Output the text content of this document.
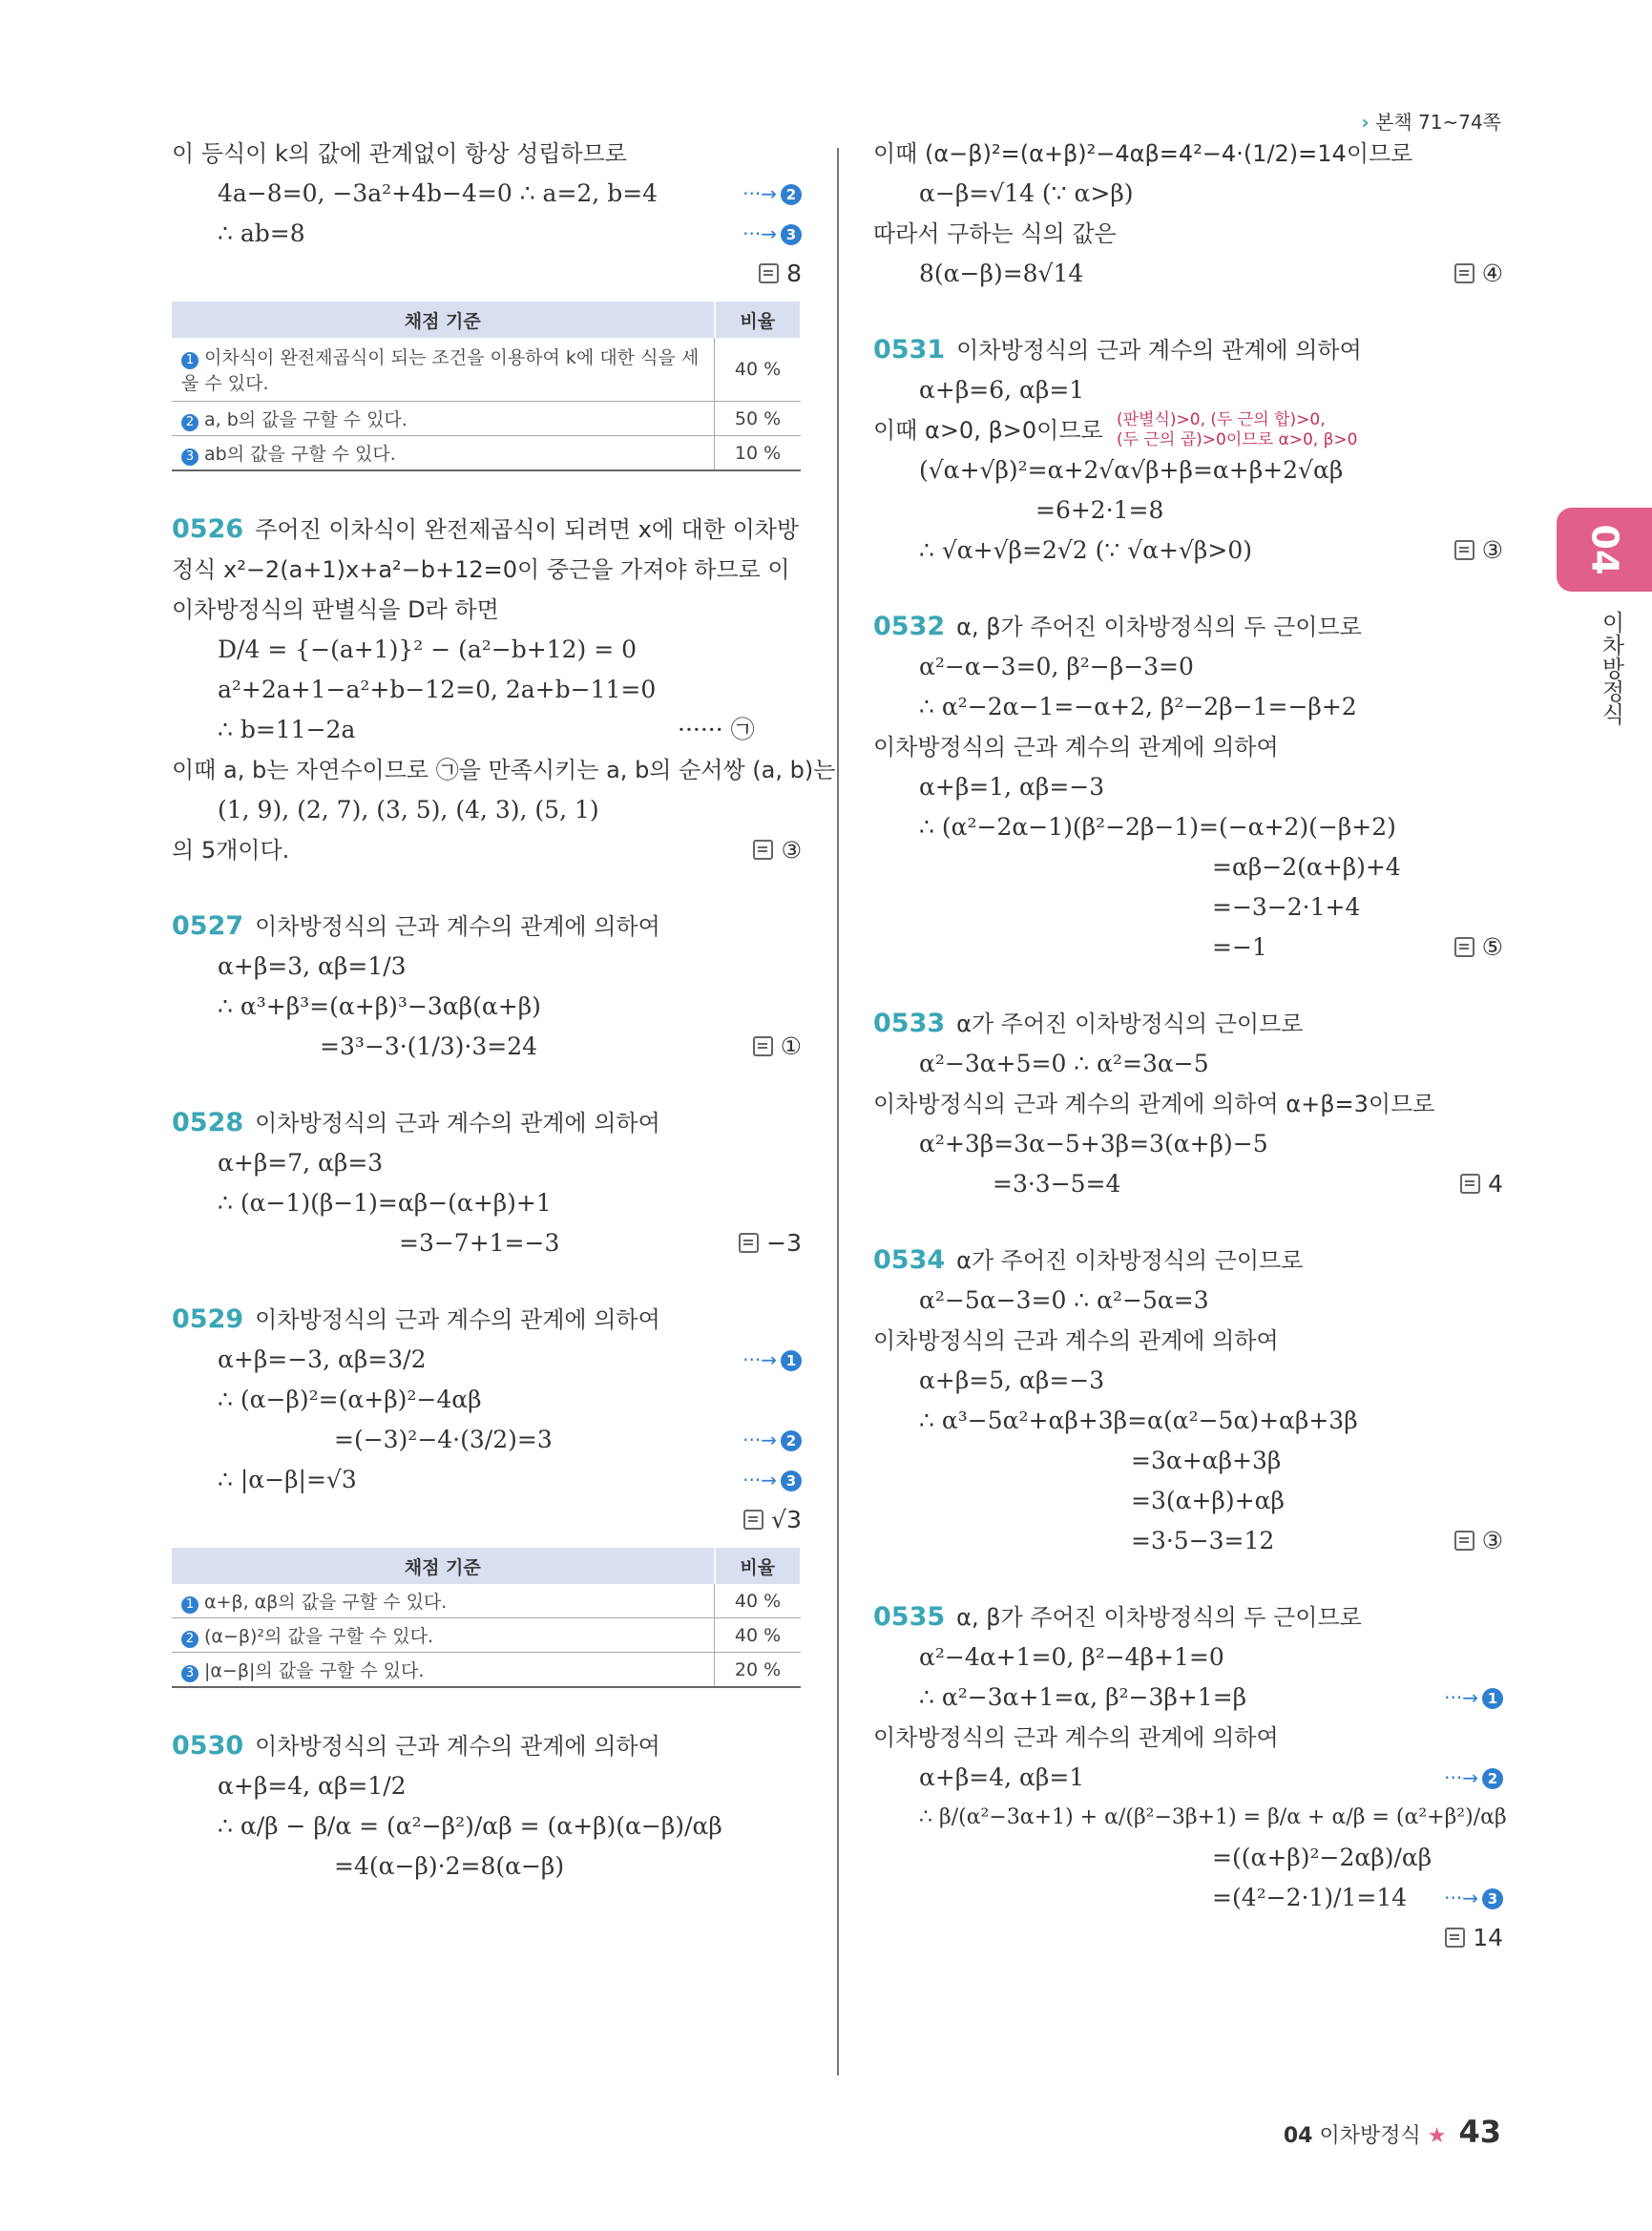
› 본책 71~74쪽
04
이차방정식
이 등식이 k의 값에 관계없이 항상 성립하므로
4a−8=0, −3a²+4b−4=0 ∴ a=2, b=4	···→ 2
∴ ab=8	···→ 3
8
채점 기준	비율
1 이차식이 완전제곱식이 되는 조건을 이용하여 k에 대한 식을 세울 수 있다.	40 %
2 a, b의 값을 구할 수 있다.	50 %
3 ab의 값을 구할 수 있다.	10 %
0526 주어진 이차식이 완전제곱식이 되려면 x에 대한 이차방
정식 x²−2(a+1)x+a²−b+12=0이 중근을 가져야 하므로 이
이차방정식의 판별식을 D라 하면
D/4 = {−(a+1)}² − (a²−b+12) = 0
a²+2a+1−a²+b−12=0, 2a+b−11=0
∴ b=11−2a	······ ㉠
이때 a, b는 자연수이므로 ㉠을 만족시키는 a, b의 순서쌍 (a, b)는
(1, 9), (2, 7), (3, 5), (4, 3), (5, 1)
의 5개이다.	③
0527 이차방정식의 근과 계수의 관계에 의하여
α+β=3, αβ=1/3
∴ α³+β³=(α+β)³−3αβ(α+β)
=3³−3·(1/3)·3=24	①
0528 이차방정식의 근과 계수의 관계에 의하여
α+β=7, αβ=3
∴ (α−1)(β−1)=αβ−(α+β)+1
=3−7+1=−3	−3
0529 이차방정식의 근과 계수의 관계에 의하여
α+β=−3, αβ=3/2	···→ 1
∴ (α−β)²=(α+β)²−4αβ
=(−3)²−4·(3/2)=3	···→ 2
∴ |α−β|=√3	···→ 3
√3
채점 기준	비율
1 α+β, αβ의 값을 구할 수 있다.	40 %
2 (α−β)²의 값을 구할 수 있다.	40 %
3 |α−β|의 값을 구할 수 있다.	20 %
0530 이차방정식의 근과 계수의 관계에 의하여
α+β=4, αβ=1/2
∴ α/β − β/α = (α²−β²)/αβ = (α+β)(α−β)/αβ
=4(α−β)·2=8(α−β)
이때 (α−β)²=(α+β)²−4αβ=4²−4·(1/2)=14이므로
α−β=√14 (∵ α>β)
따라서 구하는 식의 값은
8(α−β)=8√14	④
0531 이차방정식의 근과 계수의 관계에 의하여
α+β=6, αβ=1
이때 α>0, β>0이므로 (판별식)>0, (두 근의 합)>0,
(두 근의 곱)>0이므로 α>0, β>0
(√α+√β)²=α+2√α√β+β=α+β+2√αβ
=6+2·1=8
∴ √α+√β=2√2 (∵ √α+√β>0)	③
0532 α, β가 주어진 이차방정식의 두 근이므로
α²−α−3=0, β²−β−3=0
∴ α²−2α−1=−α+2, β²−2β−1=−β+2
이차방정식의 근과 계수의 관계에 의하여
α+β=1, αβ=−3
∴ (α²−2α−1)(β²−2β−1)=(−α+2)(−β+2)
=αβ−2(α+β)+4
=−3−2·1+4
=−1	⑤
0533 α가 주어진 이차방정식의 근이므로
α²−3α+5=0 ∴ α²=3α−5
이차방정식의 근과 계수의 관계에 의하여 α+β=3이므로
α²+3β=3α−5+3β=3(α+β)−5
=3·3−5=4	4
0534 α가 주어진 이차방정식의 근이므로
α²−5α−3=0 ∴ α²−5α=3
이차방정식의 근과 계수의 관계에 의하여
α+β=5, αβ=−3
∴ α³−5α²+αβ+3β=α(α²−5α)+αβ+3β
=3α+αβ+3β
=3(α+β)+αβ
=3·5−3=12	③
0535 α, β가 주어진 이차방정식의 두 근이므로
α²−4α+1=0, β²−4β+1=0
∴ α²−3α+1=α, β²−3β+1=β	···→ 1
이차방정식의 근과 계수의 관계에 의하여
α+β=4, αβ=1	···→ 2
∴ β/(α²−3α+1) + α/(β²−3β+1) = β/α + α/β = (α²+β²)/αβ
=((α+β)²−2αβ)/αβ
=(4²−2·1)/1=14 ···→ 3
14
04 이차방정식 ★ 43
